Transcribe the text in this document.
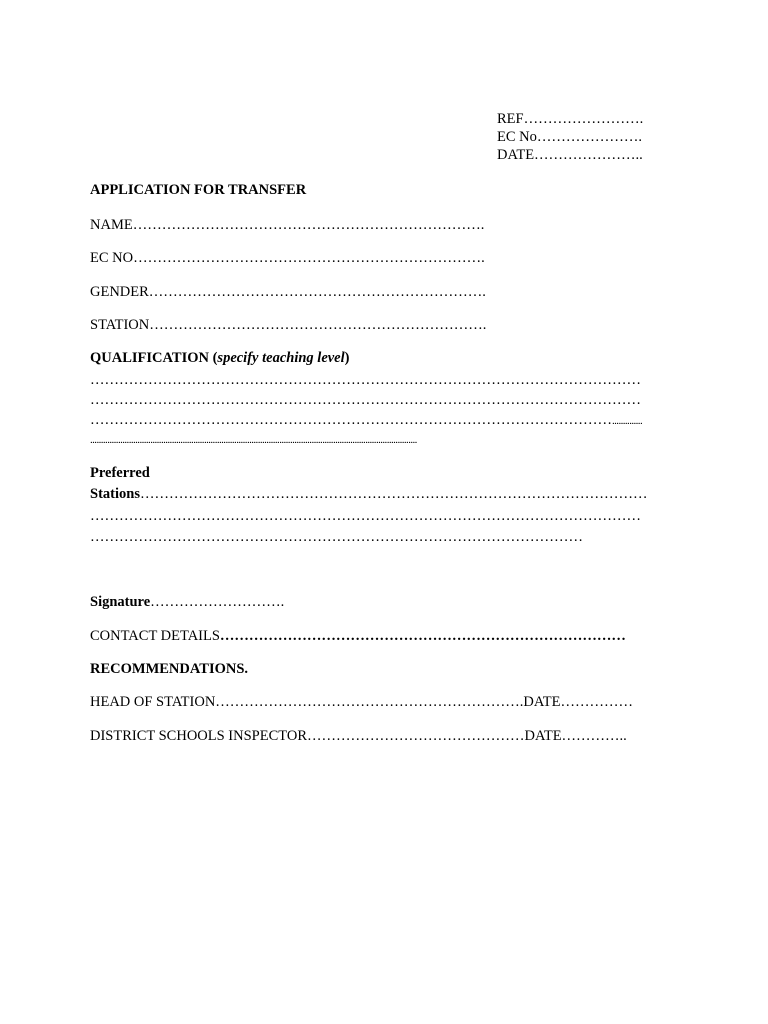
REF…………………….
EC No………………….
DATE…………………..
APPLICATION FOR TRANSFER
NAME……………………………………………………………….
EC NO……………………………………………………………….
GENDER…………………………………………………………….
STATION…………………………………………………………….
QUALIFICATION (specify teaching level)
……………………………………………………………………………………………………
……………………………………………………………………………………………………
………………………………………………………………………………………………..............
........................................................................................................................................................
Preferred
Stations……………………………………………………………………………………………
……………………………………………………………………………………………………
…………………………………………………………………………………………
Signature……………………….
CONTACT DETAILS…………………………………………………………………………
RECOMMENDATIONS.
HEAD OF STATION……………………………………………………….DATE……………
DISTRICT SCHOOLS INSPECTOR………………………………………DATE…………..
